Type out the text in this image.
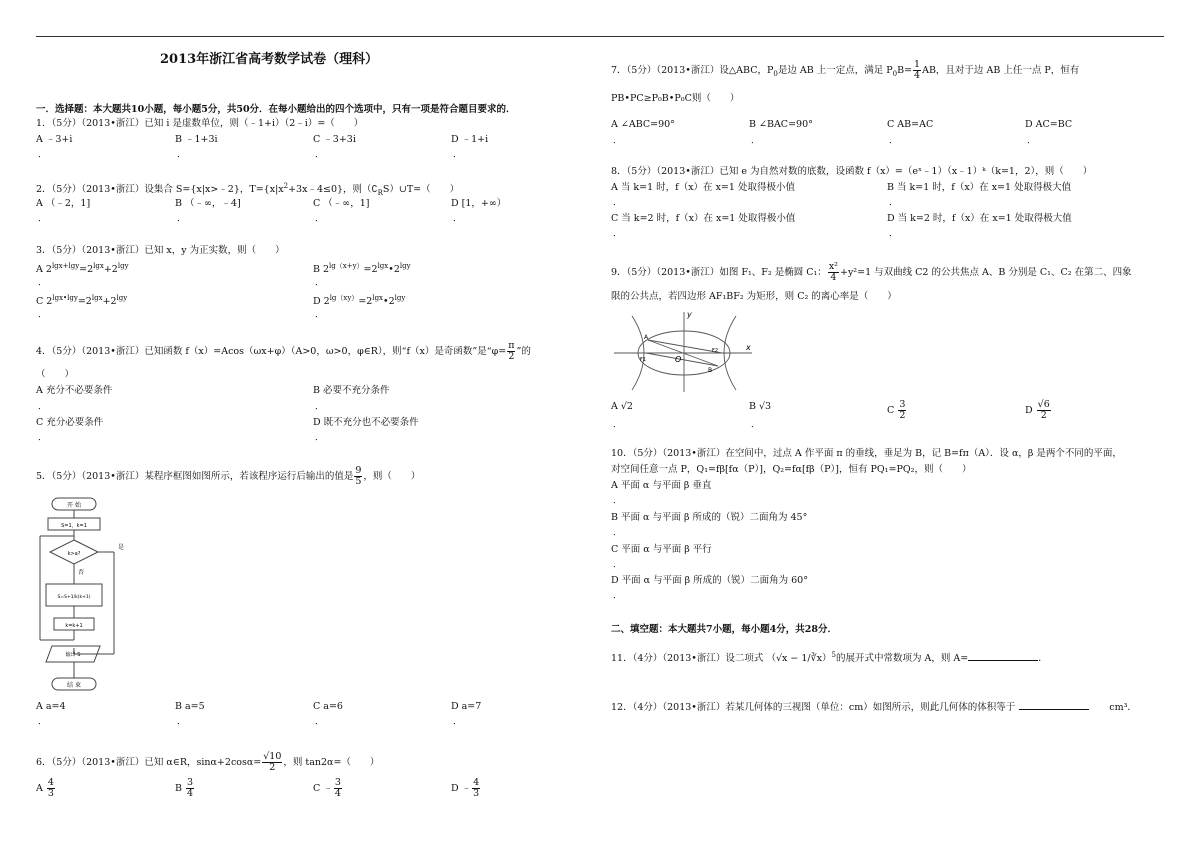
2013年浙江省高考数学试卷（理科）
一．选择题：本大题共10小题，每小题5分，共50分．在每小题给出的四个选项中，只有一项是符合题目要求的．
1．（5分）（2013•浙江）已知 i 是虚数单位，则（﹣1+i）（2﹣i）=（　　）
A ﹣3+i	B ﹣1+3i	C ﹣3+3i	D ﹣1+i
．	．	．	．
2．（5分）（2013•浙江）设集合 S={x|x>﹣2}，$T=\{x|x^2+3x﹣4\le 0\}$，则$(∁_RS)\cup T=$（　　）
A （﹣2，1]	B （﹣∞，﹣4]	C （﹣∞，1]	D [1，+∞）
．	．	．	．
3．（5分）（2013•浙江）已知 x，y 为正实数，则（　　）
A $2^{lgx+lgy}=2^{lgx}+2^{lgy}$	B $2^{lg(x+y)}=2^{lgx}•2^{lgy}$
．	．
C $2^{lgx•lgy}=2^{lgx}+2^{lgy}$	D $2^{lg(xy)}=2^{lgx}•2^{lgy}$
．	．
4．（5分）（2013•浙江）已知函数 f（x）=Acos（ωx+φ）（A>0，ω>0，φ∈R），则“f（x）是奇函数”是“$\varphi= \frac{\pi}{2}$ ”的
（　　）
A 充分不必要条件	B 必要不充分条件
．	．
C 充分必要条件	D 既不充分也不必要条件
．	．
5．（5分）（2013•浙江）某程序框图如图所示，若该程序运行后输出的值是 $\frac{9}{5}$ ，则（　　）
开 始
S=1，k=1
k>a?
是
否
S=S+1/k(k+1)
k=k+1
输出 S
结 束
A a=4	B a=5	C a=6	D a=7
．	．	．	．
6．（5分）（2013•浙江）已知 α∈R，$\sin\alpha+2\cos\alpha= \frac{√10}{2}$ ，则 tan2α=（　　）
A $\frac{4}{3}$	B $\frac{3}{4}$	C ﹣ $\frac{3}{4}$	D ﹣ $\frac{4}{3}$
7．（5分）（2013•浙江）设△ABC，$P_0$是边 AB 上一定点，满足 $P_0B= \frac{1}{4}$ AB，且对于边 AB 上任一点 P，恒有
PB•PC≥P₀B•P₀C则（　　）
A ∠ABC=90°	B ∠BAC=90°	C AB=AC	D AC=BC
．	．	．	．
8．（5分）（2013•浙江）已知 e 为自然对数的底数，设函数 f（x）=（eˣ﹣1）（x﹣1）ᵏ（k=1，2），则（　　）
A 当 k=1 时，f（x）在 x=1 处取得极小值	B 当 k=1 时，f（x）在 x=1 处取得极大值
．	．
C 当 k=2 时，f（x）在 x=1 处取得极小值	D 当 k=2 时，f（x）在 x=1 处取得极大值
．	．
9．（5分）（2013•浙江）如图 F₁、F₂ 是椭圆 C₁： $\frac{\text{x²}}{4} +y^2=1$ 与双曲线 C2 的公共焦点 A、B 分别是 C₁、C₂ 在第二、四象
限的公共点，若四边形 AF₁BF₂ 为矩形，则 C₂ 的离心率是（　　）
x
y
O
A
B
F1
F2
A √2	B √3	C $\frac{3}{2}$	D $\frac{√6}{2}$
．	．
10．（5分）（2013•浙江）在空间中，过点 A 作平面 π 的垂线，垂足为 B，记 B=fπ（A）．设 α，β 是两个不同的平面，
对空间任意一点 P，Q₁=fβ[fα（P）]，Q₂=fα[fβ（P）]，恒有 PQ₁=PQ₂，则（　　）
A 平面 α 与平面 β 垂直
．
B 平面 α 与平面 β 所成的（锐）二面角为 45°
．
C 平面 α 与平面 β 平行
．
D 平面 α 与平面 β 所成的（锐）二面角为 60°
．
二、填空题：本大题共7小题，每小题4分，共28分．
11．（4分）（2013•浙江）设二项式 （√x − 1/∛x）$^5$的展开式中常数项为 A，则 A=	．
12．（4分）（2013•浙江）若某几何体的三视图（单位：cm）如图所示，则此几何体的体积等于	cm³．
